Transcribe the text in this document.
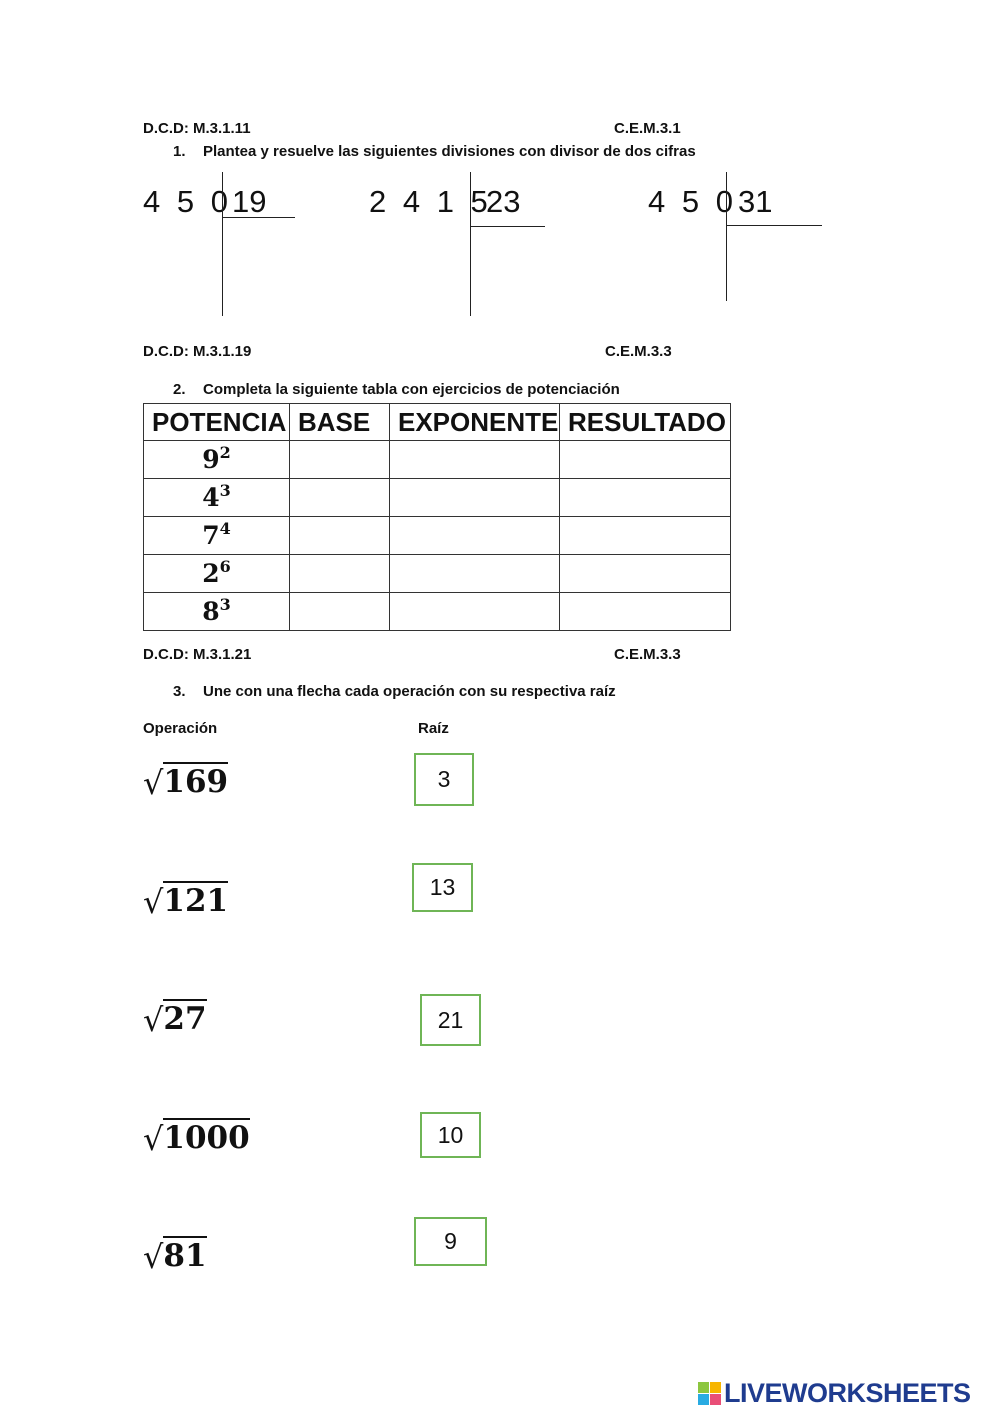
D.C.D: M.3.1.11	C.E.M.3.1
1. Plantea y resuelve las siguientes divisiones con divisor de dos cifras
4 5 0 19	2 4 1 5
23	4 5 0 31
D.C.D: M.3.1.19	C.E.M.3.3
2. Completa la siguiente tabla con ejercicios de potenciación
POTENCIA	BASE	EXPONENTE	RESULTADO
$9^2$			
$4^3$			
$7^4$			
$2^6$			
$8^3$			
D.C.D: M.3.1.21	C.E.M.3.3
3. Une con una flecha cada operación con su respectiva raíz
Operación	Raíz
√ 169
√ 121
√ 27
√ 1000
√ 81
3
13
21
10
9
LIVEWORKSHEETS
